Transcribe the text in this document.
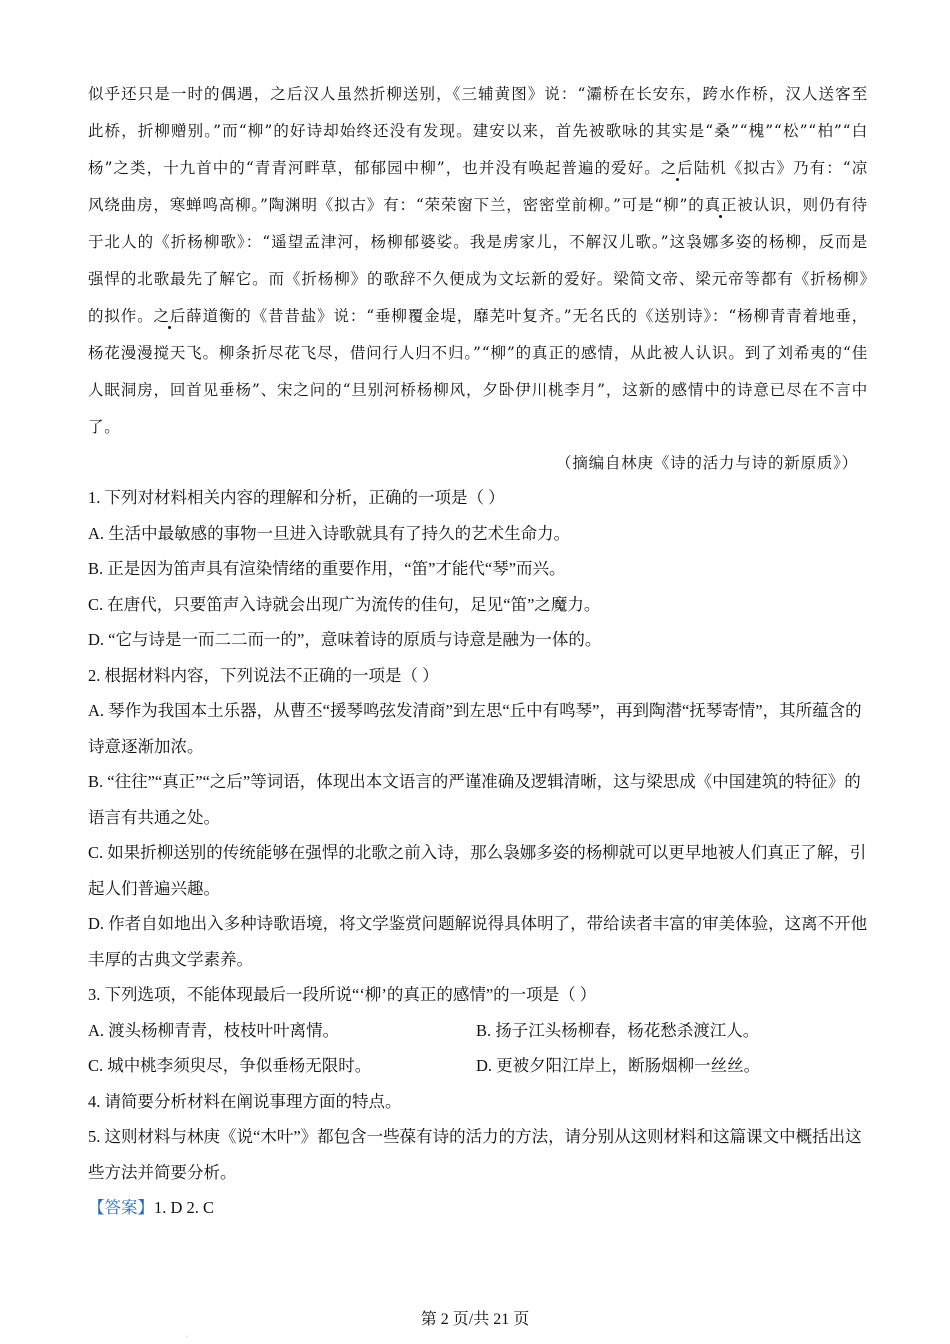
似乎还只是一时的偶遇，之后汉人虽然折柳送别，《三辅黄图》说：“灞桥在长安东，跨水作桥，汉人送客至此桥，折柳赠别。”而“柳”的好诗却始终还没有发现。建安以来，首先被歌咏的其实是“桑”“槐”“松”“柏”“白杨”之类，十九首中的“青青河畔草，郁郁园中柳”，也并没有唤起普遍的爱好。之后陆机《拟古》乃有：“凉风绕曲房，寒蝉鸣高柳。”陶渊明《拟古》有：“荣荣窗下兰，密密堂前柳。”可是“柳”的真正被认识，则仍有待于北人的《折杨柳歌》：“遥望孟津河，杨柳郁婆娑。我是虏家儿，不解汉儿歌。”这袅娜多姿的杨柳，反而是强悍的北歌最先了解它。而《折杨柳》的歌辞不久便成为文坛新的爱好。梁简文帝、梁元帝等都有《折杨柳》的拟作。之后薛道衡的《昔昔盐》说：“垂柳覆金堤，靡芜叶复齐。”无名氏的《送别诗》：“杨柳青青着地垂，杨花漫漫搅天飞。柳条折尽花飞尽，借问行人归不归。”“柳”的真正的感情，从此被人认识。到了刘希夷的“佳人眠洞房，回首见垂杨”、宋之问的“旦别河桥杨柳风，夕卧伊川桃李月”，这新的感情中的诗意已尽在不言中了。

（摘编自林庚《诗的活力与诗的新原质》）
1. 下列对材料相关内容的理解和分析，正确的一项是（ ）
A. 生活中最敏感的事物一旦进入诗歌就具有了持久的艺术生命力。
B. 正是因为笛声具有渲染情绪的重要作用，“笛”才能代“琴”而兴。
C. 在唐代，只要笛声入诗就会出现广为流传的佳句，足见“笛”之魔力。
D. “它与诗是一而二二而一的”，意味着诗的原质与诗意是融为一体的。
2. 根据材料内容，下列说法不正确的一项是（ ）
A. 琴作为我国本土乐器，从曹丕“援琴鸣弦发清商”到左思“丘中有鸣琴”，再到陶潜“抚琴寄情”，其所蕴含的诗意逐渐加浓。
B. “往往”“真正”“之后”等词语，体现出本文语言的严谨准确及逻辑清晰，这与梁思成《中国建筑的特征》的语言有共通之处。
C. 如果折柳送别的传统能够在强悍的北歌之前入诗，那么袅娜多姿的杨柳就可以更早地被人们真正了解，引起人们普遍兴趣。
D. 作者自如地出入多种诗歌语境，将文学鉴赏问题解说得具体明了，带给读者丰富的审美体验，这离不开他丰厚的古典文学素养。
3. 下列选项，不能体现最后一段所说“‘柳’的真正的感情”的一项是（ ）
A. 渡头杨柳青青，枝枝叶叶离情。	B. 扬子江头杨柳春，杨花愁杀渡江人。
C. 城中桃李须臾尽，争似垂杨无限时。	D. 更被夕阳江岸上，断肠烟柳一丝丝。
4. 请简要分析材料在阐说事理方面的特点。
5. 这则材料与林庚《说“木叶”》都包含一些葆有诗的活力的方法，请分别从这则材料和这篇课文中概括出这些方法并简要分析。
【答案】1. D 2. C
。
第 2 页/共 21 页
